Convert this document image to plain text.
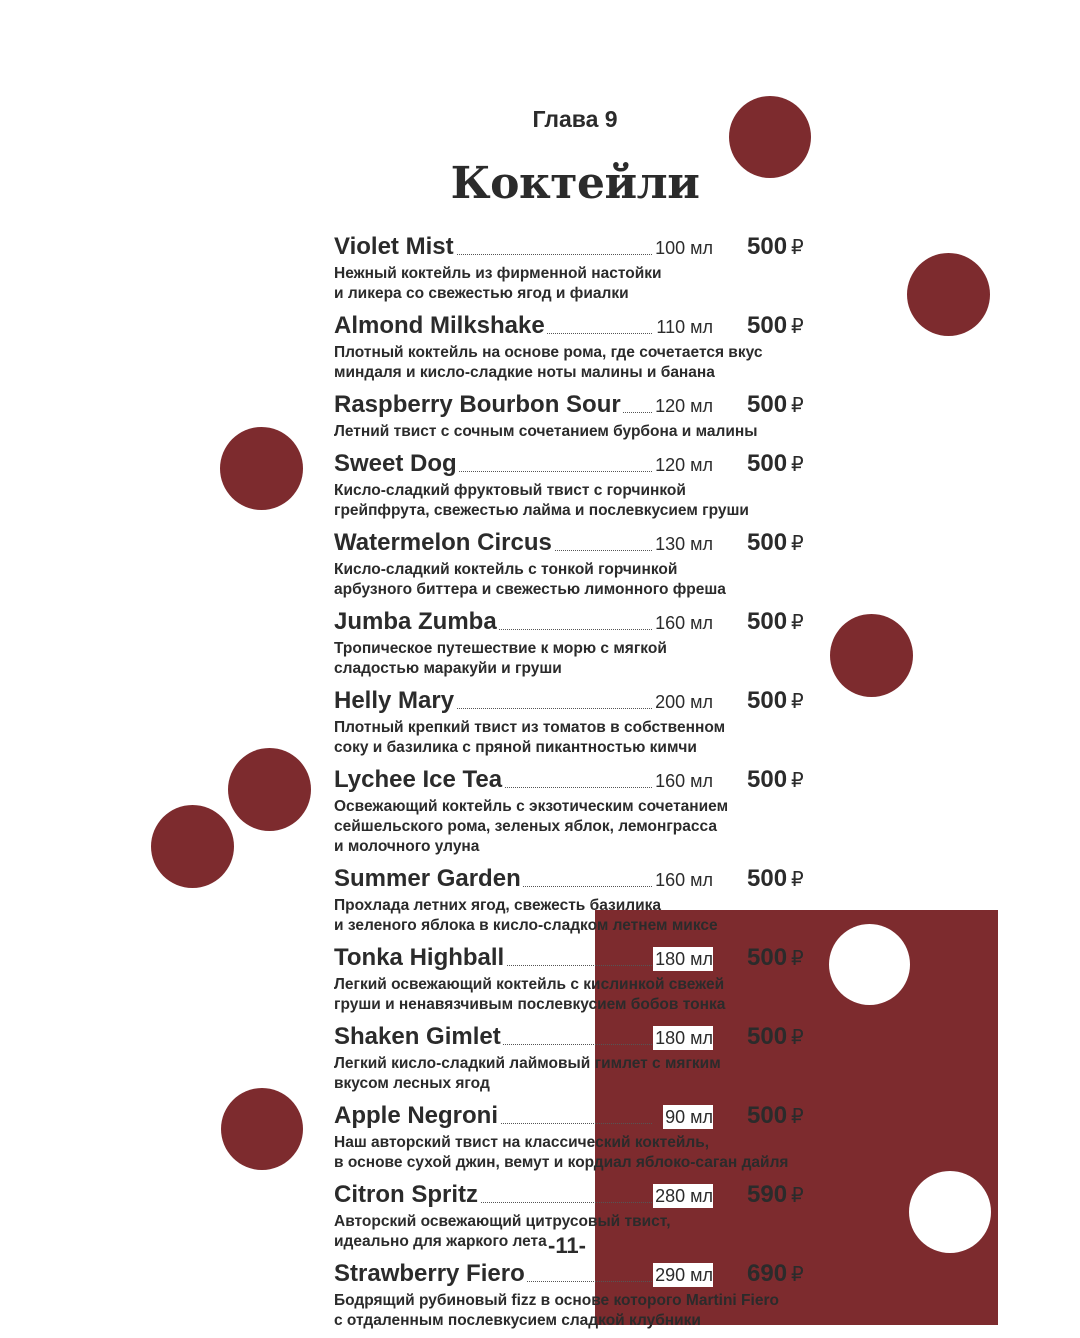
Глава 9
Коктейли
Violet Mist	100 мл 500 ₽
Нежный коктейль из фирменной настойки
и ликера со свежестью ягод и фиалки
Almond Milkshake	110 мл 500 ₽
Плотный коктейль на основе рома, где сочетается вкус
миндаля и кисло-сладкие ноты малины и банана
Raspberry Bourbon Sour 120 мл 500 ₽
Летний твист с сочным сочетанием бурбона и малины
Sweet Dog	120 мл 500 ₽
Кисло-сладкий фруктовый твист с горчинкой
грейпфрута, свежестью лайма и послевкусием груши
Watermelon Circus	130 мл 500 ₽
Кисло-сладкий коктейль с тонкой горчинкой
арбузного биттера и свежестью лимонного фреша
Jumba Zumba	160 мл 500 ₽
Тропическое путешествие к морю с мягкой
сладостью маракуйи и груши
Helly Mary	200 мл 500 ₽
Плотный крепкий твист из томатов в собственном
соку и базилика с пряной пикантностью кимчи
Lychee Ice Tea	160 мл 500 ₽
Освежающий коктейль с экзотическим сочетанием
сейшельского рома, зеленых яблок, лемонграсса
и молочного улуна
Summer Garden	160 мл 500 ₽
Прохлада летних ягод, свежесть базилика
и зеленого яблока в кисло-сладком летнем миксе
Tonka Highball	180 мл 500 ₽
Легкий освежающий коктейль с кислинкой свежей
груши и ненавязчивым послевкусием бобов тонка
Shaken Gimlet	180 мл 500 ₽
Легкий кисло-сладкий лаймовый гимлет с мягким
вкусом лесных ягод
Apple Negroni	90 мл 500 ₽
Наш авторский твист на классический коктейль,
в основе сухой джин, вемут и кордиал яблоко-саган дайля
Citron Spritz	280 мл 590 ₽
Авторский освежающий цитрусовый твист,
идеально для жаркого лета
Strawberry Fiero	290 мл 690 ₽
Бодрящий рубиновый fizz в основе которого Martini Fiero
с отдаленным послевкусием сладкой клубники
-11-
